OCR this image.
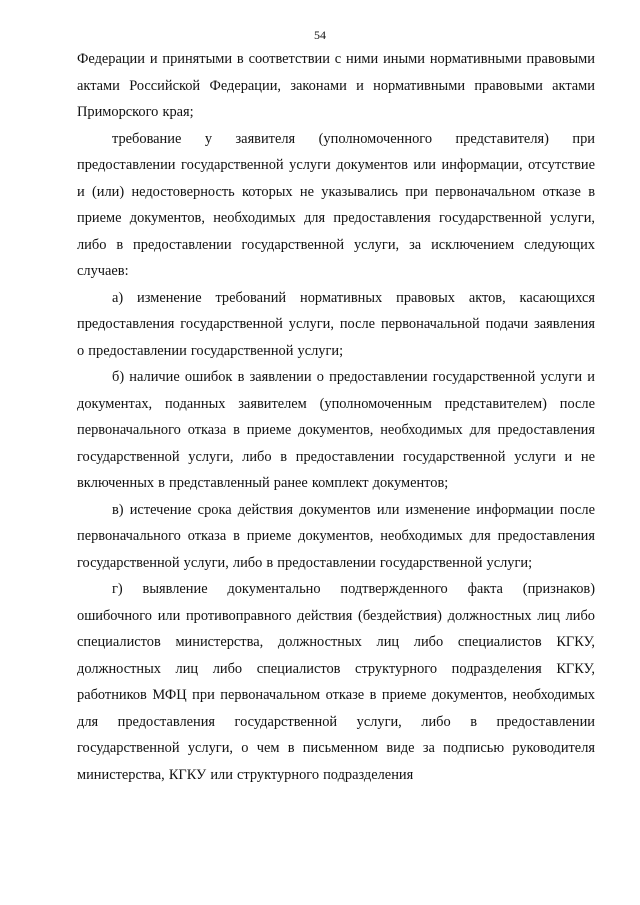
54

Федерации и принятыми в соответствии с ними иными нормативными правовыми актами Российской Федерации, законами и нормативными правовыми актами Приморского края;

требование у заявителя (уполномоченного представителя) при предоставлении государственной услуги документов или информации, отсутствие и (или) недостоверность которых не указывались при первоначальном отказе в приеме документов, необходимых для предоставления государственной услуги, либо в предоставлении государственной услуги, за исключением следующих случаев:

а) изменение требований нормативных правовых актов, касающихся предоставления государственной услуги, после первоначальной подачи заявления о предоставлении государственной услуги;

б) наличие ошибок в заявлении о предоставлении государственной услуги и документах, поданных заявителем (уполномоченным представителем) после первоначального отказа в приеме документов, необходимых для предоставления государственной услуги, либо в предоставлении государственной услуги и не включенных в представленный ранее комплект документов;

в) истечение срока действия документов или изменение информации после первоначального отказа в приеме документов, необходимых для предоставления государственной услуги, либо в предоставлении государственной услуги;

г) выявление документально подтвержденного факта (признаков) ошибочного или противоправного действия (бездействия) должностных лиц либо специалистов министерства, должностных лиц либо специалистов КГКУ, должностных лиц либо специалистов структурного подразделения КГКУ, работников МФЦ при первоначальном отказе в приеме документов, необходимых для предоставления государственной услуги, либо в предоставлении государственной услуги, о чем в письменном виде за подписью руководителя министерства, КГКУ или структурного подразделения
